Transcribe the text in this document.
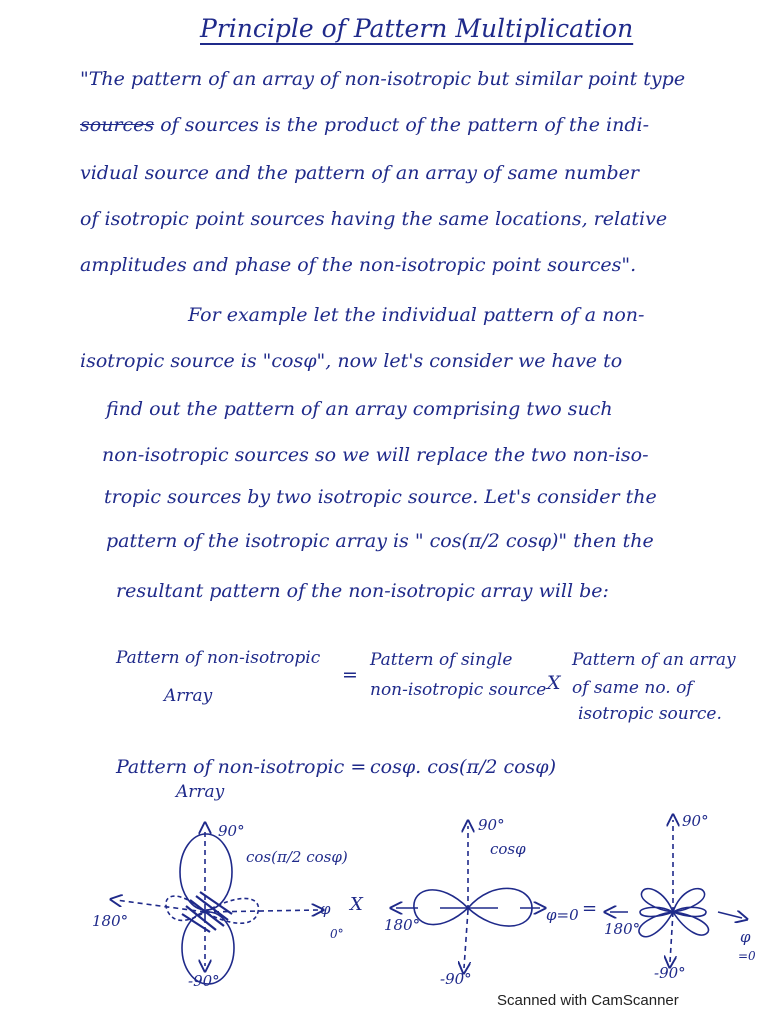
Principle of Pattern Multiplication
"The pattern of an array of non-isotropic but similar point type
sources of sources is the product of the pattern of the indi-
vidual source and the pattern of an array of same number
of isotropic point sources having the same locations, relative
amplitudes and phase of the non-isotropic point sources".
For example let the individual pattern of a non-
isotropic source is "cosφ", now let's consider we have to
find out the pattern of an array comprising two such
non-isotropic sources so we will replace the two non-iso-
tropic sources by two isotropic source. Let's consider the
pattern of the isotropic array is " cos(π/2 cosφ)" then the
resultant pattern of the non-isotropic array will be:
Pattern of non-isotropic
Array
=
Pattern of single
non-isotropic source X
Pattern of an array
of same no. of
isotropic source.
Pattern of non-isotropic =
Array
cosφ. cos(π/2 cosφ)
90°
cos(π/2 cosφ)
180°
φ
0°
-90°
X
90°
cosφ
180°
φ=0
-90°
=
90°
180°	φ
=0
-90°
Scanned with CamScanner
